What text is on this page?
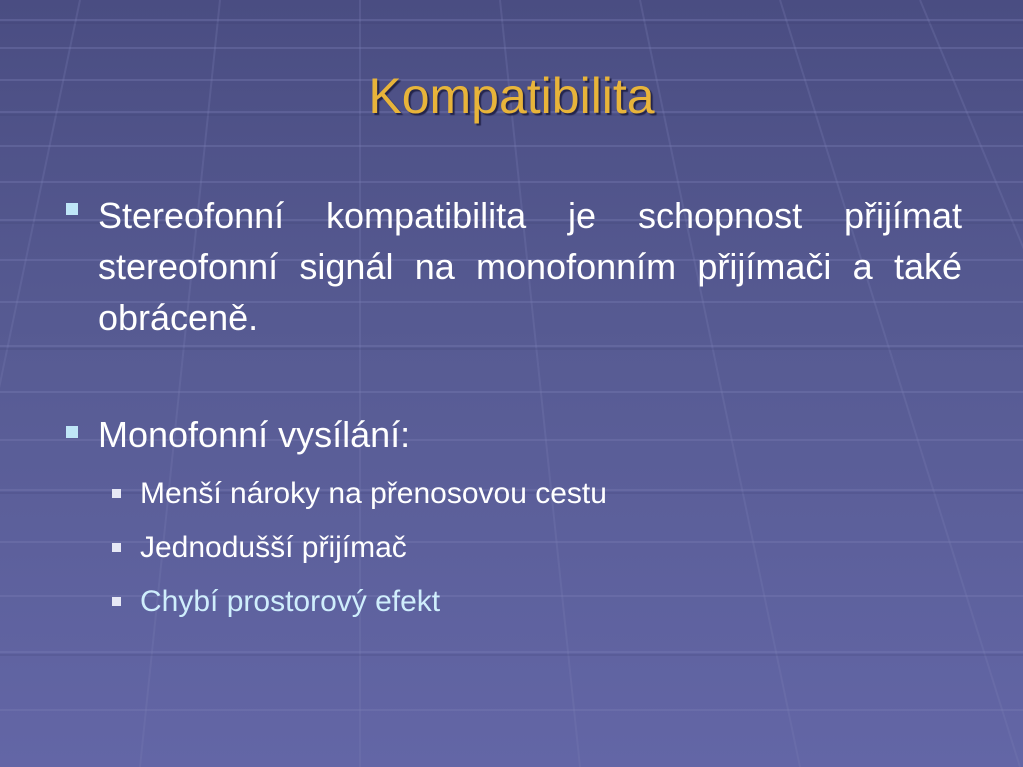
Kompatibilita
Stereofonní kompatibilita je schopnost přijímat stereofonní signál na monofonním přijímači a také obráceně.
Monofonní vysílání:
Menší nároky na přenosovou cestu
Jednodušší přijímač
Chybí prostorový efekt
